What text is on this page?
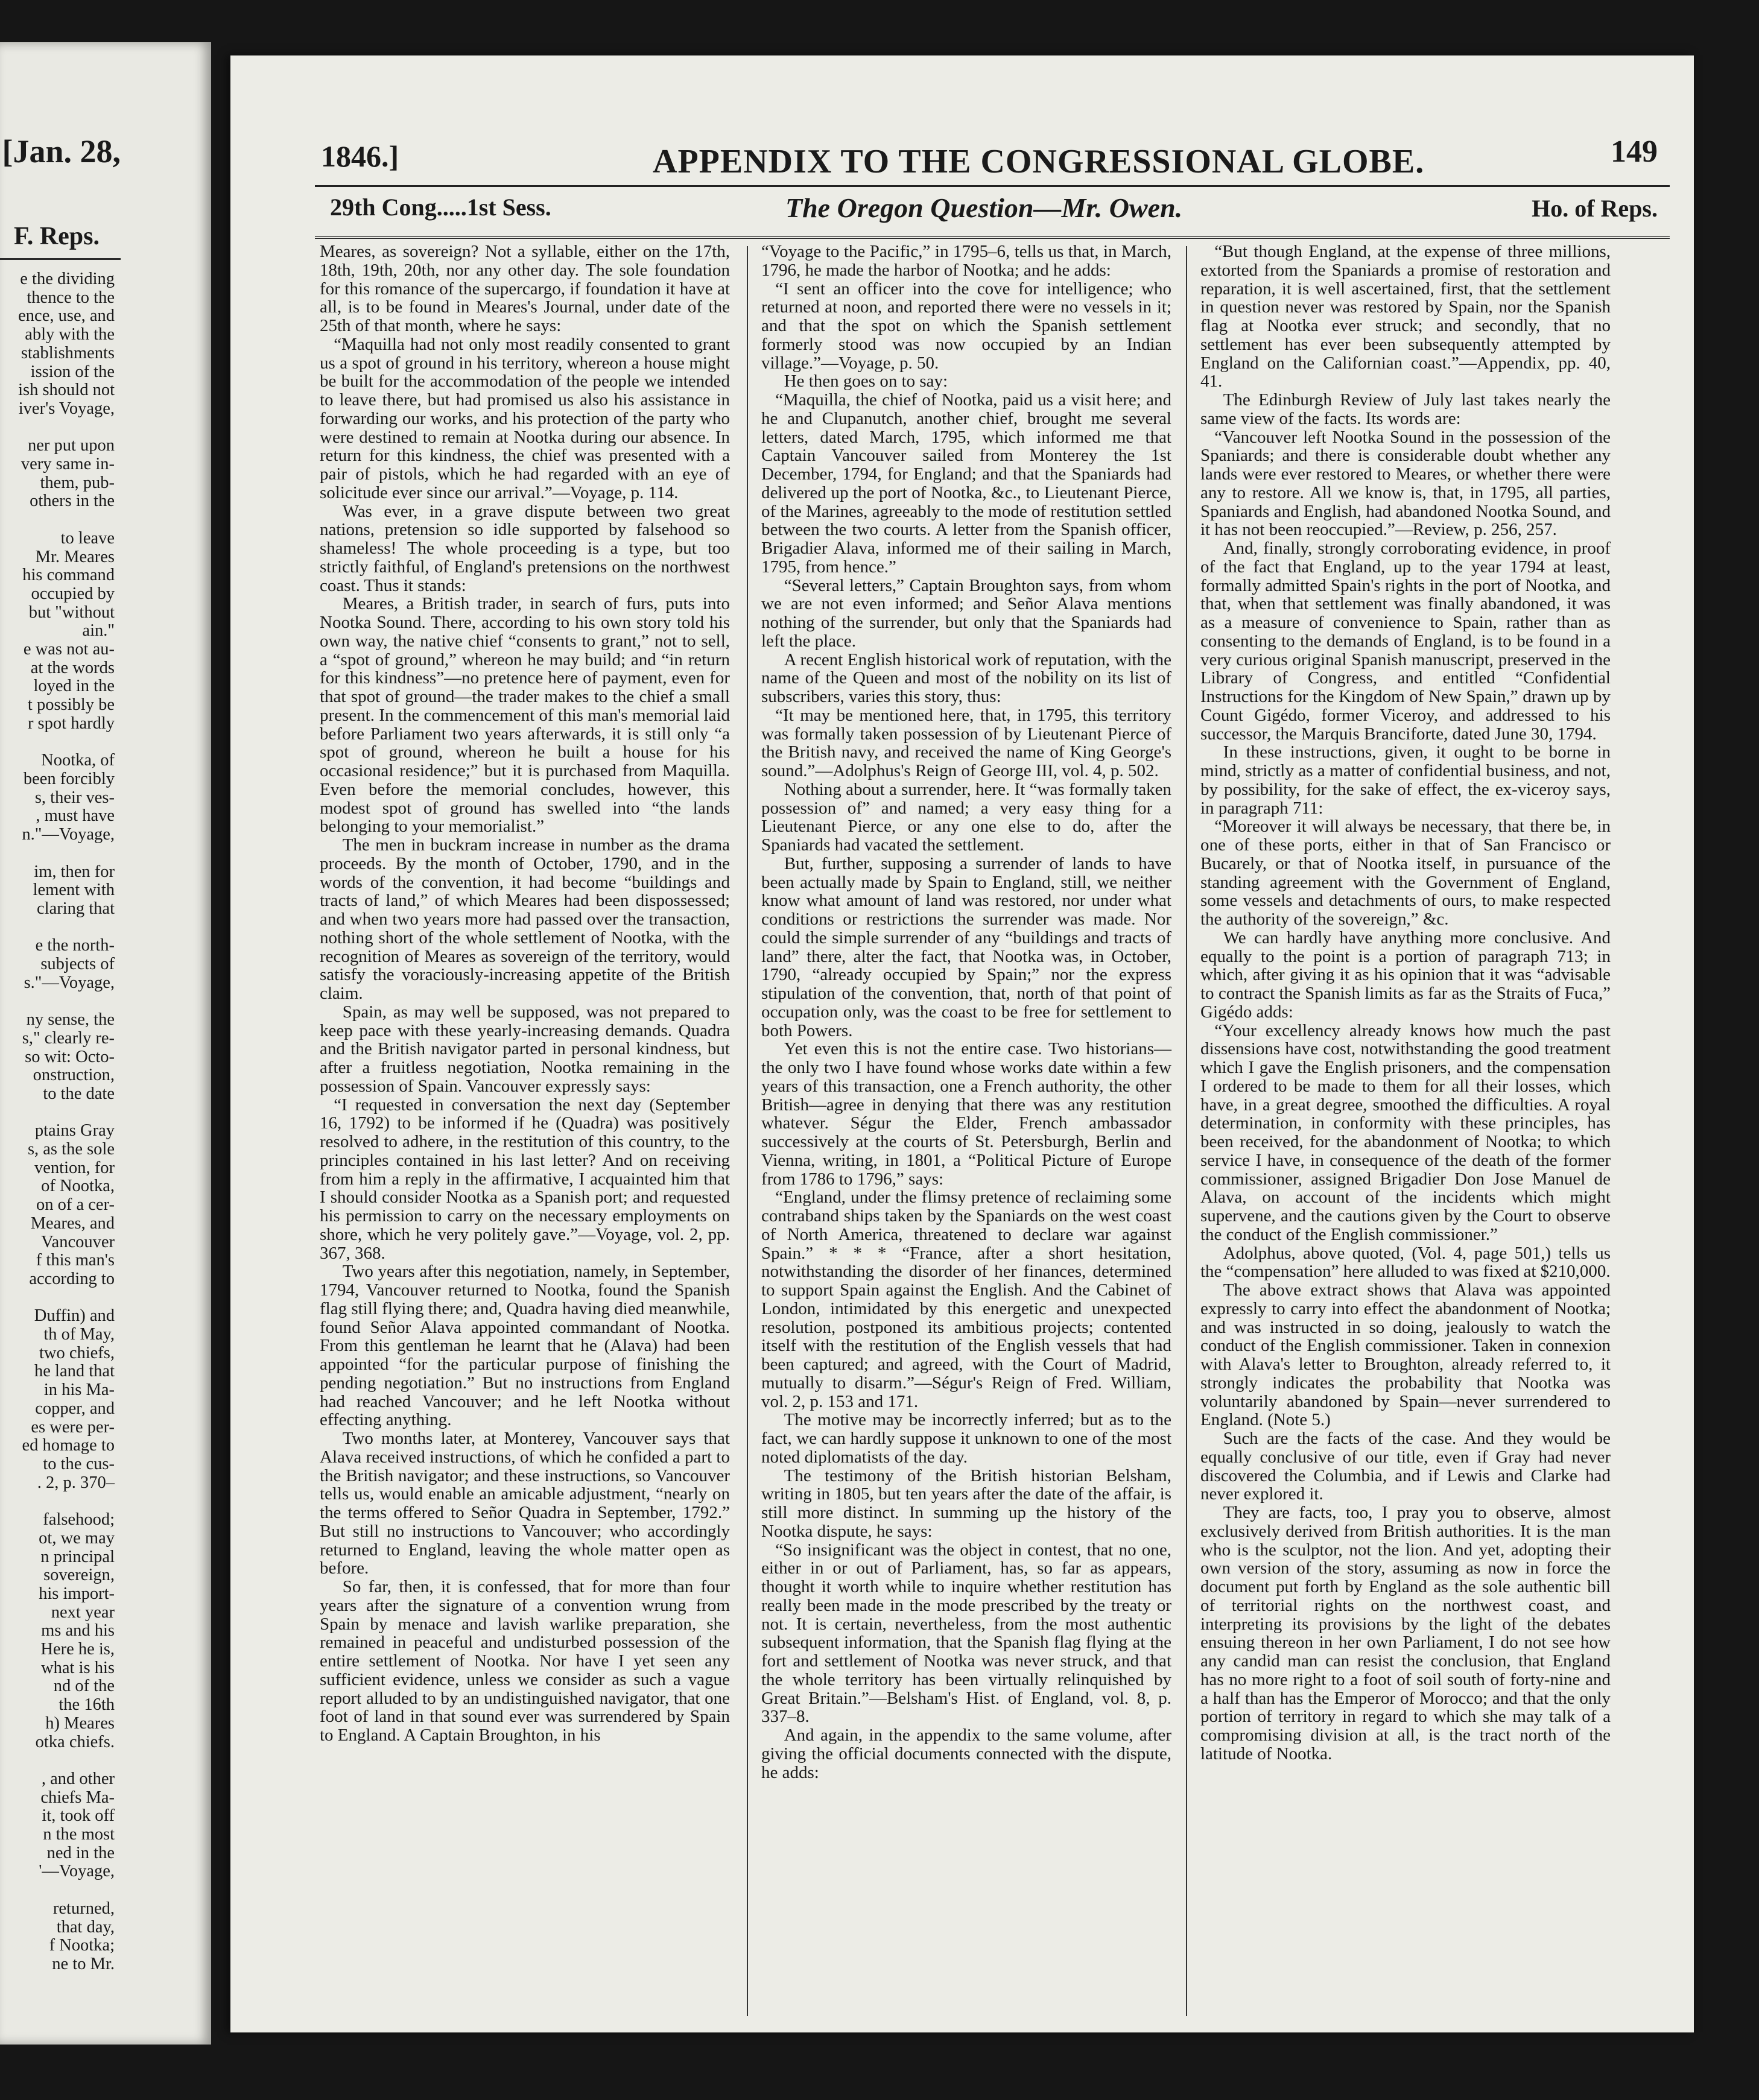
[Jan. 28,
F. Reps.
e the dividing
thence to the
ence, use, and
ably with the
stablishments
ission of the
ish should not
iver's Voyage,

ner put upon
very same in-
them, pub-
others in the

to leave
Mr. Meares
his command
occupied by
but "without
ain."
e was not au-
at the words
loyed in the
t possibly be
r spot hardly

Nootka, of
been forcibly
s, their ves-
, must have
n."—Voyage,

im, then for
lement with
claring that

e the north-
subjects of
s."—Voyage,

ny sense, the
s," clearly re-
so wit: Octo-
onstruction,
to the date

ptains Gray
s, as the sole
vention, for
of Nootka,
on of a cer-
Meares, and
Vancouver
f this man's
according to

Duffin) and
th of May,
two chiefs,
he land that
in his Ma-
copper, and
es were per-
ed homage to
to the cus-
. 2, p. 370–

falsehood;
ot, we may
n principal
sovereign,
his import-
next year
ms and his
Here he is,
what is his
nd of the
the 16th
h) Meares
otka chiefs.

, and other
chiefs Ma-
it, took off
n the most
ned in the
'—Voyage,

returned,
that day,
f Nootka;
ne to Mr.
1846.]	APPENDIX TO THE CONGRESSIONAL GLOBE.	149
29th Cong.....1st Sess.	The Oregon Question—Mr. Owen.	Ho. of Reps.

Meares, as sovereign? Not a syllable, either on the 17th, 18th, 19th, 20th, nor any other day. The sole foundation for this romance of the supercargo, if foundation it have at all, is to be found in Meares's Journal, under date of the 25th of that month, where he says:

“Maquilla had not only most readily consented to grant us a spot of ground in his territory, whereon a house might be built for the accommodation of the people we intended to leave there, but had promised us also his assistance in forwarding our works, and his protection of the party who were destined to remain at Nootka during our absence. In return for this kindness, the chief was presented with a pair of pistols, which he had regarded with an eye of solicitude ever since our arrival.”—Voyage, p. 114.

Was ever, in a grave dispute between two great nations, pretension so idle supported by falsehood so shameless! The whole proceeding is a type, but too strictly faithful, of England's pretensions on the northwest coast. Thus it stands:

Meares, a British trader, in search of furs, puts into Nootka Sound. There, according to his own story told his own way, the native chief “consents to grant,” not to sell, a “spot of ground,” whereon he may build; and “in return for this kindness”—no pretence here of payment, even for that spot of ground—the trader makes to the chief a small present. In the commencement of this man's memorial laid before Parliament two years afterwards, it is still only “a spot of ground, whereon he built a house for his occasional residence;” but it is purchased from Maquilla. Even before the memorial concludes, however, this modest spot of ground has swelled into “the lands belonging to your memorialist.”

The men in buckram increase in number as the drama proceeds. By the month of October, 1790, and in the words of the convention, it had become “buildings and tracts of land,” of which Meares had been dispossessed; and when two years more had passed over the transaction, nothing short of the whole settlement of Nootka, with the recognition of Meares as sovereign of the territory, would satisfy the voraciously-increasing appetite of the British claim.

Spain, as may well be supposed, was not prepared to keep pace with these yearly-increasing demands. Quadra and the British navigator parted in personal kindness, but after a fruitless negotiation, Nootka remaining in the possession of Spain. Vancouver expressly says:

“I requested in conversation the next day (September 16, 1792) to be informed if he (Quadra) was positively resolved to adhere, in the restitution of this country, to the principles contained in his last letter? And on receiving from him a reply in the affirmative, I acquainted him that I should consider Nootka as a Spanish port; and requested his permission to carry on the necessary employments on shore, which he very politely gave.”—Voyage, vol. 2, pp. 367, 368.

Two years after this negotiation, namely, in September, 1794, Vancouver returned to Nootka, found the Spanish flag still flying there; and, Quadra having died meanwhile, found Señor Alava appointed commandant of Nootka. From this gentleman he learnt that he (Alava) had been appointed “for the particular purpose of finishing the pending negotiation.” But no instructions from England had reached Vancouver; and he left Nootka without effecting anything.

Two months later, at Monterey, Vancouver says that Alava received instructions, of which he confided a part to the British navigator; and these instructions, so Vancouver tells us, would enable an amicable adjustment, “nearly on the terms offered to Señor Quadra in September, 1792.” But still no instructions to Vancouver; who accordingly returned to England, leaving the whole matter open as before.

So far, then, it is confessed, that for more than four years after the signature of a convention wrung from Spain by menace and lavish warlike preparation, she remained in peaceful and undisturbed possession of the entire settlement of Nootka. Nor have I yet seen any sufficient evidence, unless we consider as such a vague report alluded to by an undistinguished navigator, that one foot of land in that sound ever was surrendered by Spain to England. A Captain Broughton, in his

“Voyage to the Pacific,” in 1795–6, tells us that, in March, 1796, he made the harbor of Nootka; and he adds:

“I sent an officer into the cove for intelligence; who returned at noon, and reported there were no vessels in it; and that the spot on which the Spanish settlement formerly stood was now occupied by an Indian village.”—Voyage, p. 50.

He then goes on to say:

“Maquilla, the chief of Nootka, paid us a visit here; and he and Clupanutch, another chief, brought me several letters, dated March, 1795, which informed me that Captain Vancouver sailed from Monterey the 1st December, 1794, for England; and that the Spaniards had delivered up the port of Nootka, &c., to Lieutenant Pierce, of the Marines, agreeably to the mode of restitution settled between the two courts. A letter from the Spanish officer, Brigadier Alava, informed me of their sailing in March, 1795, from hence.”

“Several letters,” Captain Broughton says, from whom we are not even informed; and Señor Alava mentions nothing of the surrender, but only that the Spaniards had left the place.

A recent English historical work of reputation, with the name of the Queen and most of the nobility on its list of subscribers, varies this story, thus:

“It may be mentioned here, that, in 1795, this territory was formally taken possession of by Lieutenant Pierce of the British navy, and received the name of King George's sound.”—Adolphus's Reign of George III, vol. 4, p. 502.

Nothing about a surrender, here. It “was formally taken possession of” and named; a very easy thing for a Lieutenant Pierce, or any one else to do, after the Spaniards had vacated the settlement.

But, further, supposing a surrender of lands to have been actually made by Spain to England, still, we neither know what amount of land was restored, nor under what conditions or restrictions the surrender was made. Nor could the simple surrender of any “buildings and tracts of land” there, alter the fact, that Nootka was, in October, 1790, “already occupied by Spain;” nor the express stipulation of the convention, that, north of that point of occupation only, was the coast to be free for settlement to both Powers.

Yet even this is not the entire case. Two historians—the only two I have found whose works date within a few years of this transaction, one a French authority, the other British—agree in denying that there was any restitution whatever. Ségur the Elder, French ambassador successively at the courts of St. Petersburgh, Berlin and Vienna, writing, in 1801, a “Political Picture of Europe from 1786 to 1796,” says:

“England, under the flimsy pretence of reclaiming some contraband ships taken by the Spaniards on the west coast of North America, threatened to declare war against Spain.” * * * “France, after a short hesitation, notwithstanding the disorder of her finances, determined to support Spain against the English. And the Cabinet of London, intimidated by this energetic and unexpected resolution, postponed its ambitious projects; contented itself with the restitution of the English vessels that had been captured; and agreed, with the Court of Madrid, mutually to disarm.”—Ségur's Reign of Fred. William, vol. 2, p. 153 and 171.

The motive may be incorrectly inferred; but as to the fact, we can hardly suppose it unknown to one of the most noted diplomatists of the day.

The testimony of the British historian Belsham, writing in 1805, but ten years after the date of the affair, is still more distinct. In summing up the history of the Nootka dispute, he says:

“So insignificant was the object in contest, that no one, either in or out of Parliament, has, so far as appears, thought it worth while to inquire whether restitution has really been made in the mode prescribed by the treaty or not. It is certain, nevertheless, from the most authentic subsequent information, that the Spanish flag flying at the fort and settlement of Nootka was never struck, and that the whole territory has been virtually relinquished by Great Britain.”—Belsham's Hist. of England, vol. 8, p. 337–8.

And again, in the appendix to the same volume, after giving the official documents connected with the dispute, he adds:

“But though England, at the expense of three millions, extorted from the Spaniards a promise of restoration and reparation, it is well ascertained, first, that the settlement in question never was restored by Spain, nor the Spanish flag at Nootka ever struck; and secondly, that no settlement has ever been subsequently attempted by England on the Californian coast.”—Appendix, pp. 40, 41.

The Edinburgh Review of July last takes nearly the same view of the facts. Its words are:

“Vancouver left Nootka Sound in the possession of the Spaniards; and there is considerable doubt whether any lands were ever restored to Meares, or whether there were any to restore. All we know is, that, in 1795, all parties, Spaniards and English, had abandoned Nootka Sound, and it has not been reoccupied.”—Review, p. 256, 257.

And, finally, strongly corroborating evidence, in proof of the fact that England, up to the year 1794 at least, formally admitted Spain's rights in the port of Nootka, and that, when that settlement was finally abandoned, it was as a measure of convenience to Spain, rather than as consenting to the demands of England, is to be found in a very curious original Spanish manuscript, preserved in the Library of Congress, and entitled “Confidential Instructions for the Kingdom of New Spain,” drawn up by Count Gigédo, former Viceroy, and addressed to his successor, the Marquis Branciforte, dated June 30, 1794.

In these instructions, given, it ought to be borne in mind, strictly as a matter of confidential business, and not, by possibility, for the sake of effect, the ex-viceroy says, in paragraph 711:

“Moreover it will always be necessary, that there be, in one of these ports, either in that of San Francisco or Bucarely, or that of Nootka itself, in pursuance of the standing agreement with the Government of England, some vessels and detachments of ours, to make respected the authority of the sovereign,” &c.

We can hardly have anything more conclusive. And equally to the point is a portion of paragraph 713; in which, after giving it as his opinion that it was “advisable to contract the Spanish limits as far as the Straits of Fuca,” Gigédo adds:

“Your excellency already knows how much the past dissensions have cost, notwithstanding the good treatment which I gave the English prisoners, and the compensation I ordered to be made to them for all their losses, which have, in a great degree, smoothed the difficulties. A royal determination, in conformity with these principles, has been received, for the abandonment of Nootka; to which service I have, in consequence of the death of the former commissioner, assigned Brigadier Don Jose Manuel de Alava, on account of the incidents which might supervene, and the cautions given by the Court to observe the conduct of the English commissioner.”

Adolphus, above quoted, (Vol. 4, page 501,) tells us the “compensation” here alluded to was fixed at $210,000.

The above extract shows that Alava was appointed expressly to carry into effect the abandonment of Nootka; and was instructed in so doing, jealously to watch the conduct of the English commissioner. Taken in connexion with Alava's letter to Broughton, already referred to, it strongly indicates the probability that Nootka was voluntarily abandoned by Spain—never surrendered to England. (Note 5.)

Such are the facts of the case. And they would be equally conclusive of our title, even if Gray had never discovered the Columbia, and if Lewis and Clarke had never explored it.

They are facts, too, I pray you to observe, almost exclusively derived from British authorities. It is the man who is the sculptor, not the lion. And yet, adopting their own version of the story, assuming as now in force the document put forth by England as the sole authentic bill of territorial rights on the northwest coast, and interpreting its provisions by the light of the debates ensuing thereon in her own Parliament, I do not see how any candid man can resist the conclusion, that England has no more right to a foot of soil south of forty-nine and a half than has the Emperor of Morocco; and that the only portion of territory in regard to which she may talk of a compromising division at all, is the tract north of the latitude of Nootka.
